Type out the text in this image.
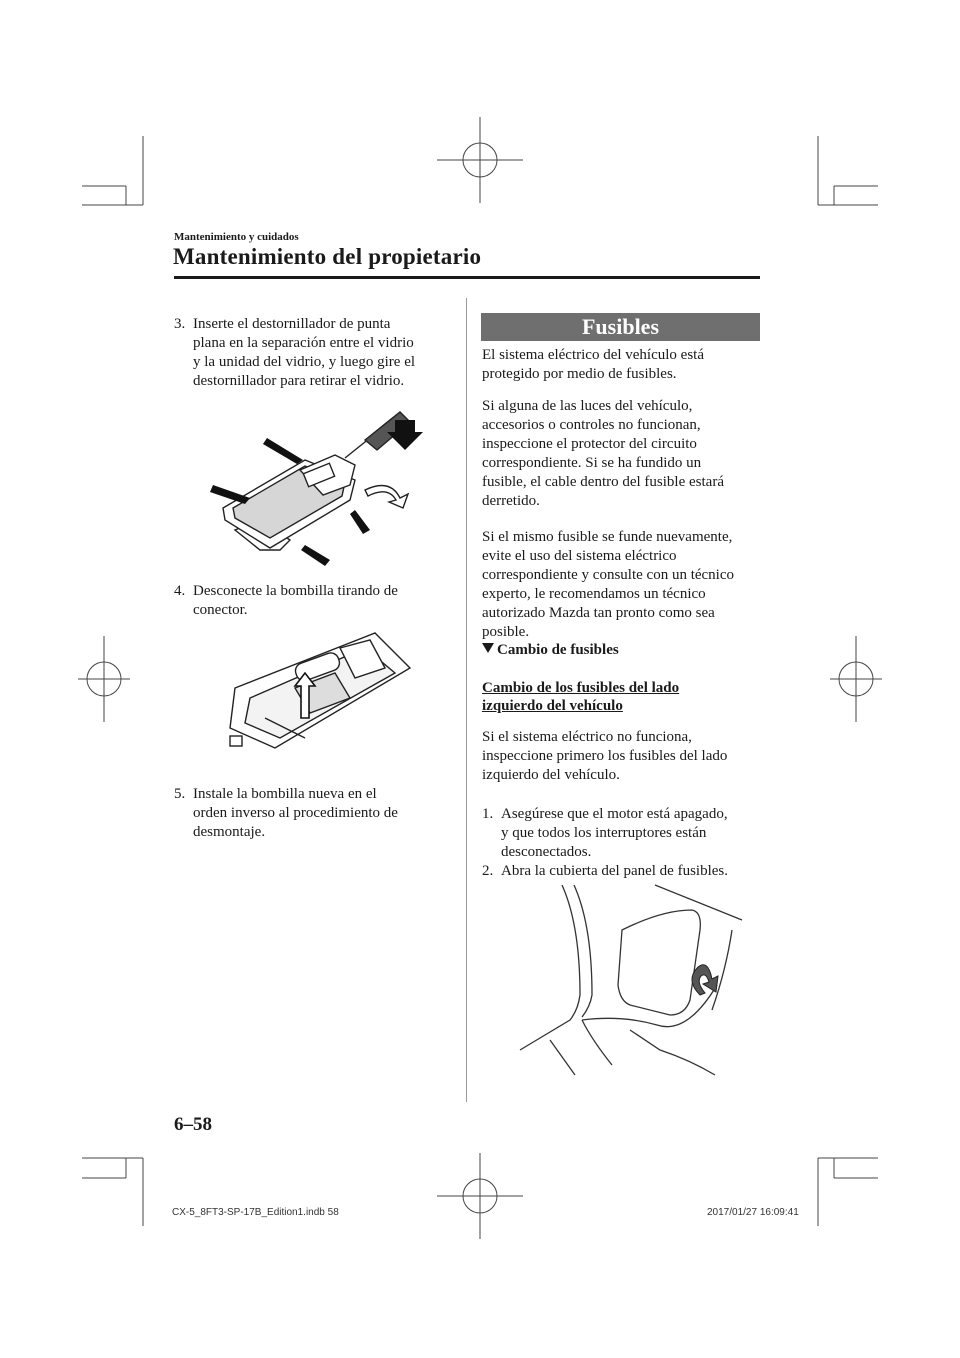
Mantenimiento y cuidados
Mantenimiento del propietario
3. Inserte el destornillador de punta
plana en la separación entre el vidrio
y la unidad del vidrio, y luego gire el
destornillador para retirar el vidrio.
4. Desconecte la bombilla tirando de
conector.
5. Instale la bombilla nueva en el
orden inverso al procedimiento de
desmontaje.
Fusibles
El sistema eléctrico del vehículo está
protegido por medio de fusibles.
Si alguna de las luces del vehículo,
accesorios o controles no funcionan,
inspeccione el protector del circuito
correspondiente. Si se ha fundido un
fusible, el cable dentro del fusible estará
derretido.
Si el mismo fusible se funde nuevamente,
evite el uso del sistema eléctrico
correspondiente y consulte con un técnico
experto, le recomendamos un técnico
autorizado Mazda tan pronto como sea
posible.
Cambio de fusibles
Cambio de los fusibles del lado
izquierdo del vehículo
Si el sistema eléctrico no funciona,
inspeccione primero los fusibles del lado
izquierdo del vehículo.
1. Asegúrese que el motor está apagado,
y que todos los interruptores están
desconectados.
2. Abra la cubierta del panel de fusibles.
6–58
CX-5_8FT3-SP-17B_Edition1.indb 58	2017/01/27 16:09:41
